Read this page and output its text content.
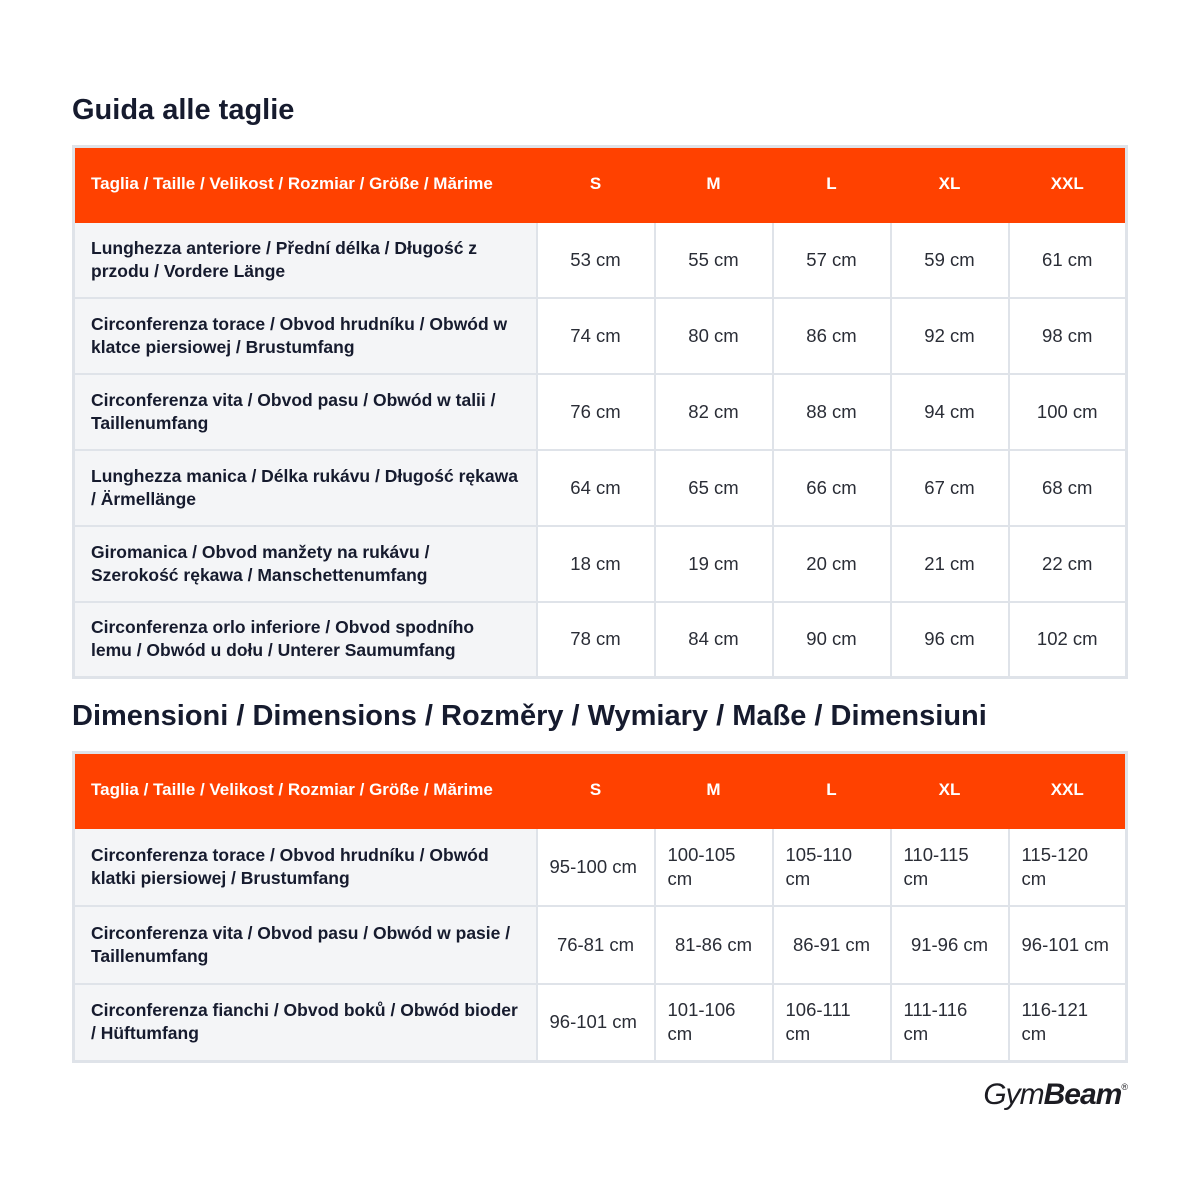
Guida alle taglie
Taglia / Taille / Velikost / Rozmiar / Größe / Mărime	S	M	L	XL	XXL
Lunghezza anteriore / Přední délka / Długość z przodu / Vordere Länge	53 cm	55 cm	57 cm	59 cm	61 cm
Circonferenza torace / Obvod hrudníku / Obwód w klatce piersiowej / Brustumfang	74 cm	80 cm	86 cm	92 cm	98 cm
Circonferenza vita / Obvod pasu / Obwód w talii / Taillenumfang	76 cm	82 cm	88 cm	94 cm	100 cm
Lunghezza manica / Délka rukávu / Długość rękawa / Ärmellänge	64 cm	65 cm	66 cm	67 cm	68 cm
Giromanica / Obvod manžety na rukávu / Szerokość rękawa / Manschettenumfang	18 cm	19 cm	20 cm	21 cm	22 cm
Circonferenza orlo inferiore / Obvod spodního lemu / Obwód u dołu / Unterer Saumumfang	78 cm	84 cm	90 cm	96 cm	102 cm
Dimensioni / Dimensions / Rozměry / Wymiary / Maße / Dimensiuni
Taglia / Taille / Velikost / Rozmiar / Größe / Mărime	S	M	L	XL	XXL
Circonferenza torace / Obvod hrudníku / Obwód klatki piersiowej / Brustumfang	95-100 cm	100-105 cm	105-110 cm	110-115 cm	115-120 cm
Circonferenza vita / Obvod pasu / Obwód w pasie / Taillenumfang	76-81 cm	81-86 cm	86-91 cm	91-96 cm	96-101 cm
Circonferenza fianchi / Obvod boků / Obwód bioder / Hüftumfang	96-101 cm	101-106 cm	106-111 cm	111-116 cm	116-121 cm
GymBeam®
